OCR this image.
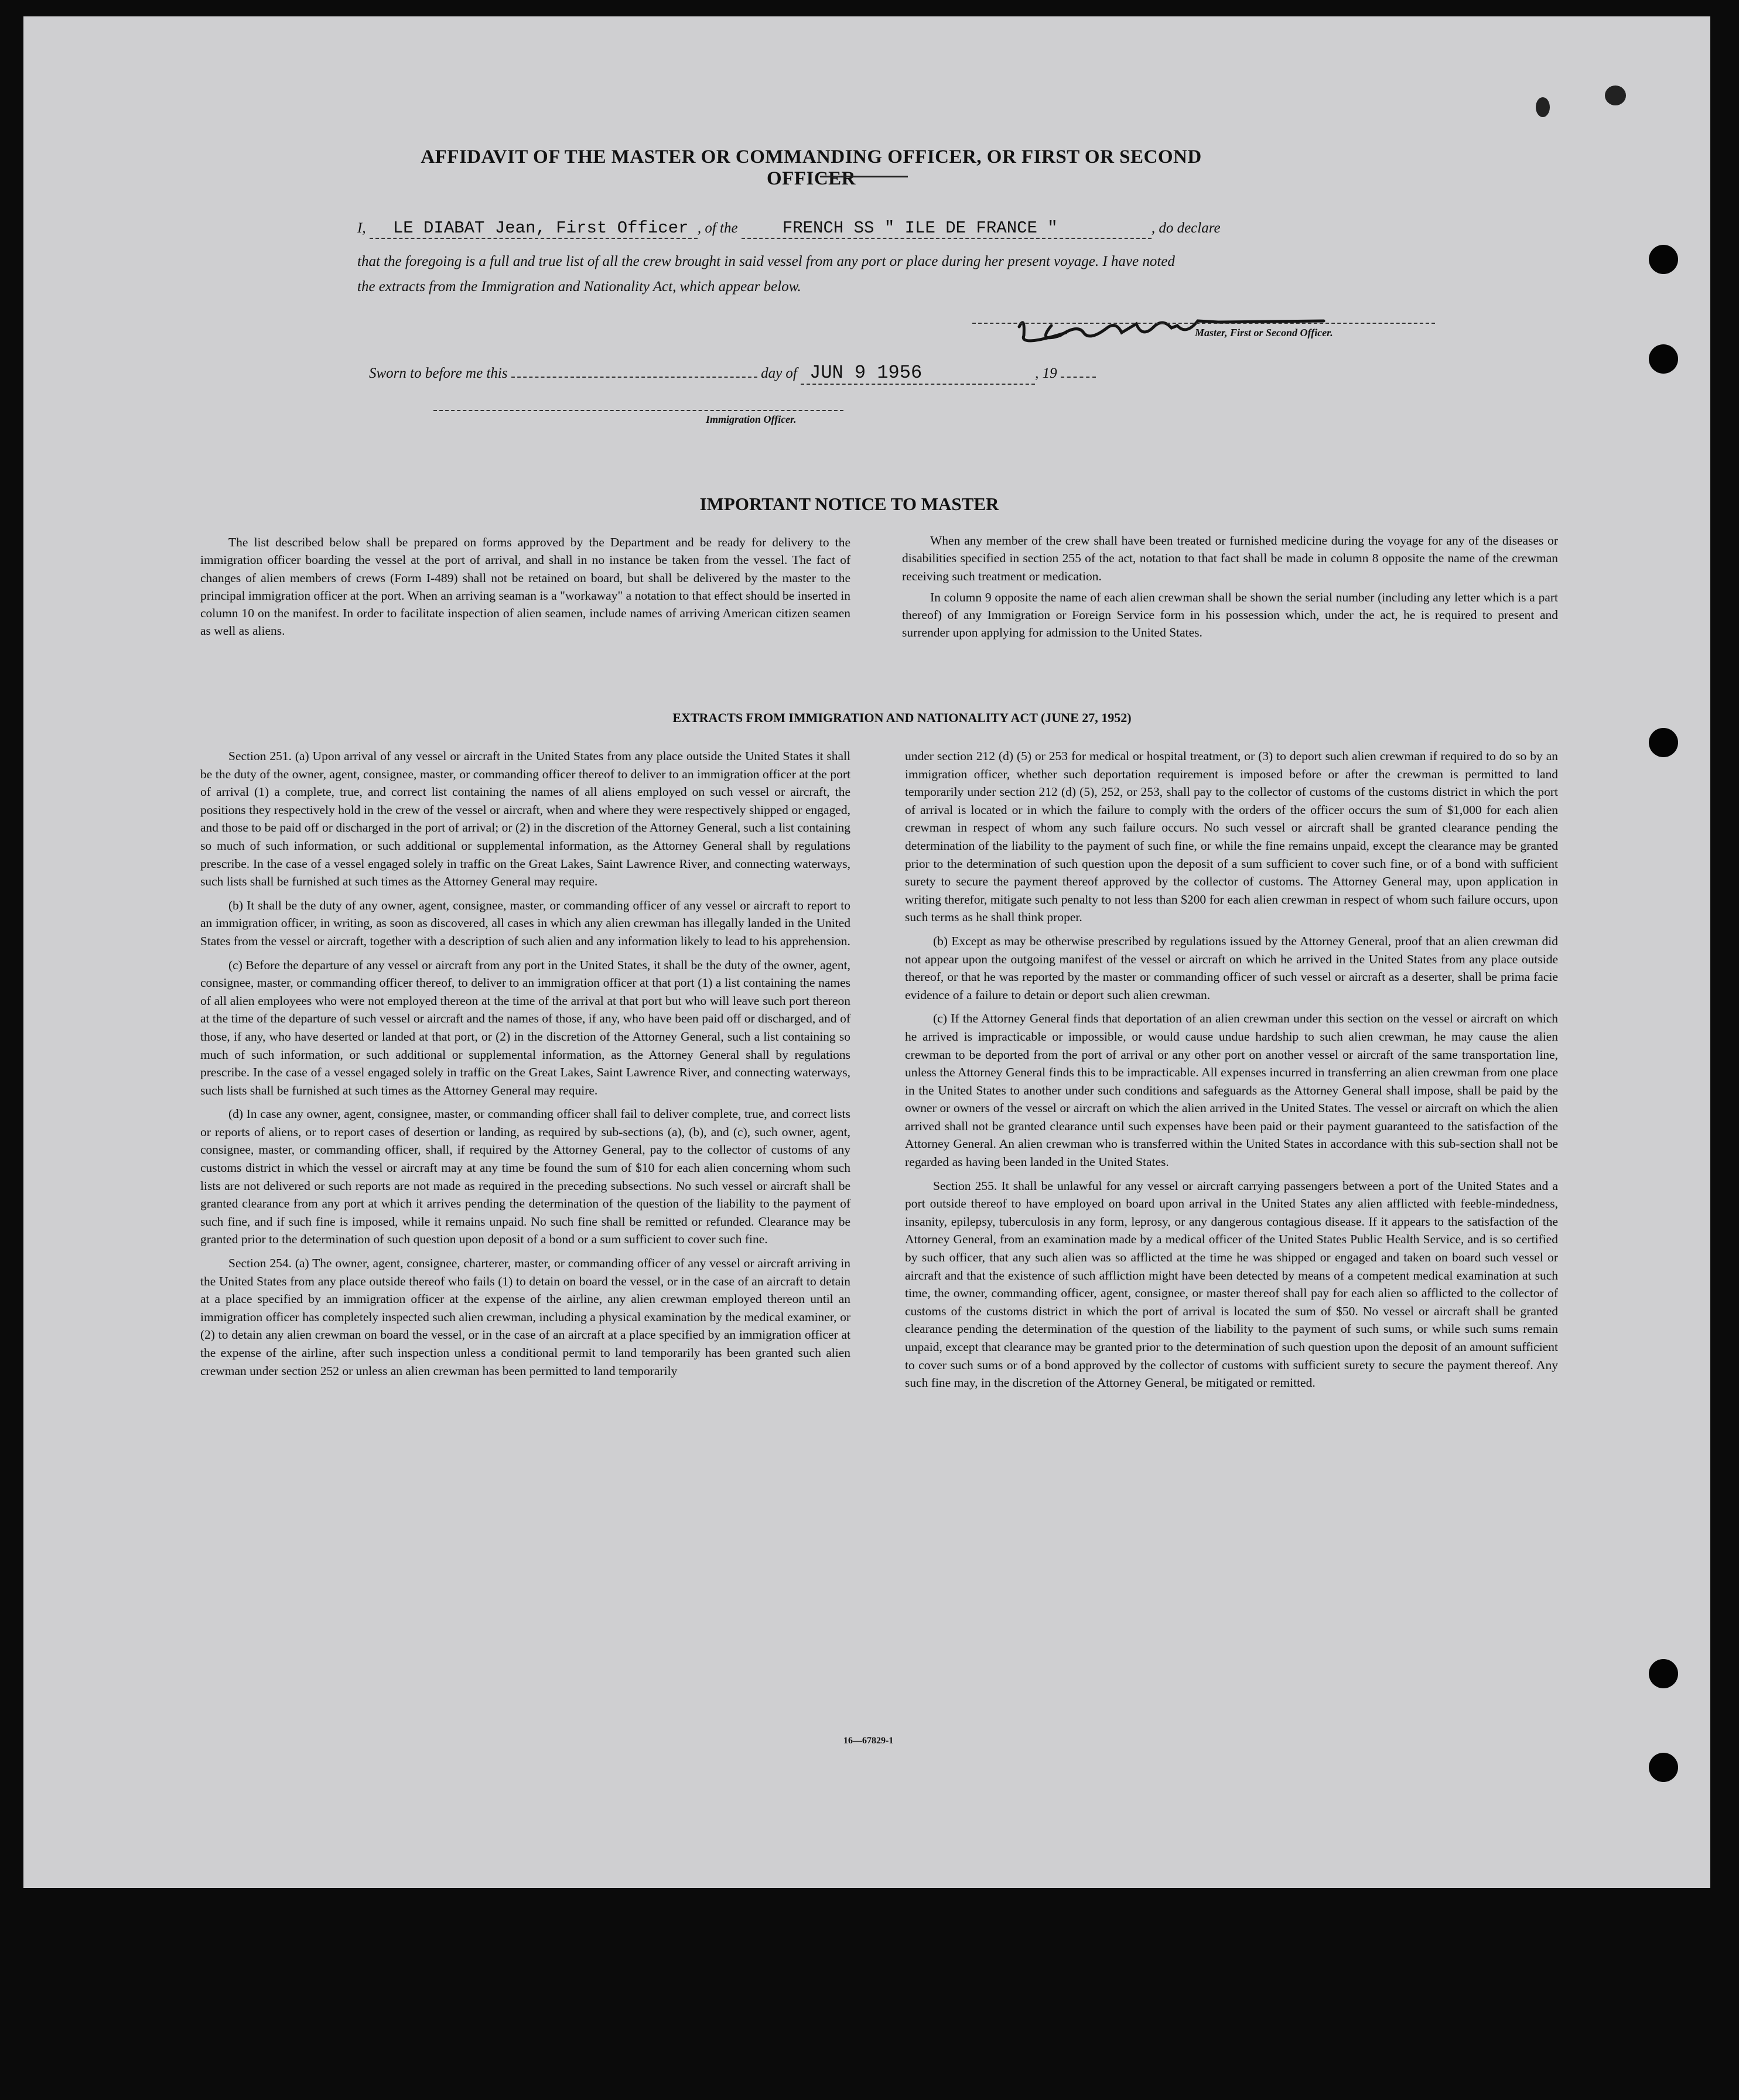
AFFIDAVIT OF THE MASTER OR COMMANDING OFFICER, OR FIRST OR SECOND OFFICER
I, LE DIABAT Jean, First Officer , of the	FRENCH SS " ILE DE FRANCE "	, do declare
that the foregoing is a full and true list of all the crew brought in said vessel from any port or place during her present voyage. I have noted
the extracts from the Immigration and Nationality Act, which appear below.
Master, First or Second Officer.
Sworn to before me this	day of JUN 9 1956	, 19
Immigration Officer.
IMPORTANT NOTICE TO MASTER

The list described below shall be prepared on forms approved by the Department and be ready for delivery to the immigration officer boarding the vessel at the port of arrival, and shall in no instance be taken from the vessel. The fact of changes of alien members of crews (Form I-489) shall not be retained on board, but shall be delivered by the master to the principal immigration officer at the port. When an arriving seaman is a "workaway" a notation to that effect should be inserted in column 10 on the manifest. In order to facilitate inspection of alien seamen, include names of arriving American citizen seamen as well as aliens.

When any member of the crew shall have been treated or furnished medicine during the voyage for any of the diseases or disabilities specified in section 255 of the act, notation to that fact shall be made in column 8 opposite the name of the crewman receiving such treatment or medication.

In column 9 opposite the name of each alien crewman shall be shown the serial number (including any letter which is a part thereof) of any Immigration or Foreign Service form in his possession which, under the act, he is required to present and surrender upon applying for admission to the United States.

EXTRACTS FROM IMMIGRATION AND NATIONALITY ACT (JUNE 27, 1952)

Section 251. (a) Upon arrival of any vessel or aircraft in the United States from any place outside the United States it shall be the duty of the owner, agent, consignee, master, or commanding officer thereof to deliver to an immigration officer at the port of arrival (1) a complete, true, and correct list containing the names of all aliens employed on such vessel or aircraft, the positions they respectively hold in the crew of the vessel or aircraft, when and where they were respectively shipped or engaged, and those to be paid off or discharged in the port of arrival; or (2) in the discretion of the Attorney General, such a list containing so much of such information, or such additional or supplemental information, as the Attorney General shall by regulations prescribe. In the case of a vessel engaged solely in traffic on the Great Lakes, Saint Lawrence River, and connecting waterways, such lists shall be furnished at such times as the Attorney General may require.

(b) It shall be the duty of any owner, agent, consignee, master, or commanding officer of any vessel or aircraft to report to an immigration officer, in writing, as soon as discovered, all cases in which any alien crewman has illegally landed in the United States from the vessel or aircraft, together with a description of such alien and any information likely to lead to his apprehension.

(c) Before the departure of any vessel or aircraft from any port in the United States, it shall be the duty of the owner, agent, consignee, master, or commanding officer thereof, to deliver to an immigration officer at that port (1) a list containing the names of all alien employees who were not employed thereon at the time of the arrival at that port but who will leave such port thereon at the time of the departure of such vessel or aircraft and the names of those, if any, who have been paid off or discharged, and of those, if any, who have deserted or landed at that port, or (2) in the discretion of the Attorney General, such a list containing so much of such information, or such additional or supplemental information, as the Attorney General shall by regulations prescribe. In the case of a vessel engaged solely in traffic on the Great Lakes, Saint Lawrence River, and connecting waterways, such lists shall be furnished at such times as the Attorney General may require.

(d) In case any owner, agent, consignee, master, or commanding officer shall fail to deliver complete, true, and correct lists or reports of aliens, or to report cases of desertion or landing, as required by sub-sections (a), (b), and (c), such owner, agent, consignee, master, or commanding officer, shall, if required by the Attorney General, pay to the collector of customs of any customs district in which the vessel or aircraft may at any time be found the sum of $10 for each alien concerning whom such lists are not delivered or such reports are not made as required in the preceding subsections. No such vessel or aircraft shall be granted clearance from any port at which it arrives pending the determination of the question of the liability to the payment of such fine, and if such fine is imposed, while it remains unpaid. No such fine shall be remitted or refunded. Clearance may be granted prior to the determination of such question upon deposit of a bond or a sum sufficient to cover such fine.

Section 254. (a) The owner, agent, consignee, charterer, master, or commanding officer of any vessel or aircraft arriving in the United States from any place outside thereof who fails (1) to detain on board the vessel, or in the case of an aircraft to detain at a place specified by an immigration officer at the expense of the airline, any alien crewman employed thereon until an immigration officer has completely inspected such alien crewman, including a physical examination by the medical examiner, or (2) to detain any alien crewman on board the vessel, or in the case of an aircraft at a place specified by an immigration officer at the expense of the airline, after such inspection unless a conditional permit to land temporarily has been granted such alien crewman under section 252 or unless an alien crewman has been permitted to land temporarily

under section 212 (d) (5) or 253 for medical or hospital treatment, or (3) to deport such alien crewman if required to do so by an immigration officer, whether such deportation requirement is imposed before or after the crewman is permitted to land temporarily under section 212 (d) (5), 252, or 253, shall pay to the collector of customs of the customs district in which the port of arrival is located or in which the failure to comply with the orders of the officer occurs the sum of $1,000 for each alien crewman in respect of whom any such failure occurs. No such vessel or aircraft shall be granted clearance pending the determination of the liability to the payment of such fine, or while the fine remains unpaid, except the clearance may be granted prior to the determination of such question upon the deposit of a sum sufficient to cover such fine, or of a bond with sufficient surety to secure the payment thereof approved by the collector of customs. The Attorney General may, upon application in writing therefor, mitigate such penalty to not less than $200 for each alien crewman in respect of whom such failure occurs, upon such terms as he shall think proper.

(b) Except as may be otherwise prescribed by regulations issued by the Attorney General, proof that an alien crewman did not appear upon the outgoing manifest of the vessel or aircraft on which he arrived in the United States from any place outside thereof, or that he was reported by the master or commanding officer of such vessel or aircraft as a deserter, shall be prima facie evidence of a failure to detain or deport such alien crewman.

(c) If the Attorney General finds that deportation of an alien crewman under this section on the vessel or aircraft on which he arrived is impracticable or impossible, or would cause undue hardship to such alien crewman, he may cause the alien crewman to be deported from the port of arrival or any other port on another vessel or aircraft of the same transportation line, unless the Attorney General finds this to be impracticable. All expenses incurred in transferring an alien crewman from one place in the United States to another under such conditions and safeguards as the Attorney General shall impose, shall be paid by the owner or owners of the vessel or aircraft on which the alien arrived in the United States. The vessel or aircraft on which the alien arrived shall not be granted clearance until such expenses have been paid or their payment guaranteed to the satisfaction of the Attorney General. An alien crewman who is transferred within the United States in accordance with this sub-section shall not be regarded as having been landed in the United States.

Section 255. It shall be unlawful for any vessel or aircraft carrying passengers between a port of the United States and a port outside thereof to have employed on board upon arrival in the United States any alien afflicted with feeble-mindedness, insanity, epilepsy, tuberculosis in any form, leprosy, or any dangerous contagious disease. If it appears to the satisfaction of the Attorney General, from an examination made by a medical officer of the United States Public Health Service, and is so certified by such officer, that any such alien was so afflicted at the time he was shipped or engaged and taken on board such vessel or aircraft and that the existence of such affliction might have been detected by means of a competent medical examination at such time, the owner, commanding officer, agent, consignee, or master thereof shall pay for each alien so afflicted to the collector of customs of the customs district in which the port of arrival is located the sum of $50. No vessel or aircraft shall be granted clearance pending the determination of the question of the liability to the payment of such sums, or while such sums remain unpaid, except that clearance may be granted prior to the determination of such question upon the deposit of an amount sufficient to cover such sums or of a bond approved by the collector of customs with sufficient surety to secure the payment thereof. Any such fine may, in the discretion of the Attorney General, be mitigated or remitted.

16—67829-1
